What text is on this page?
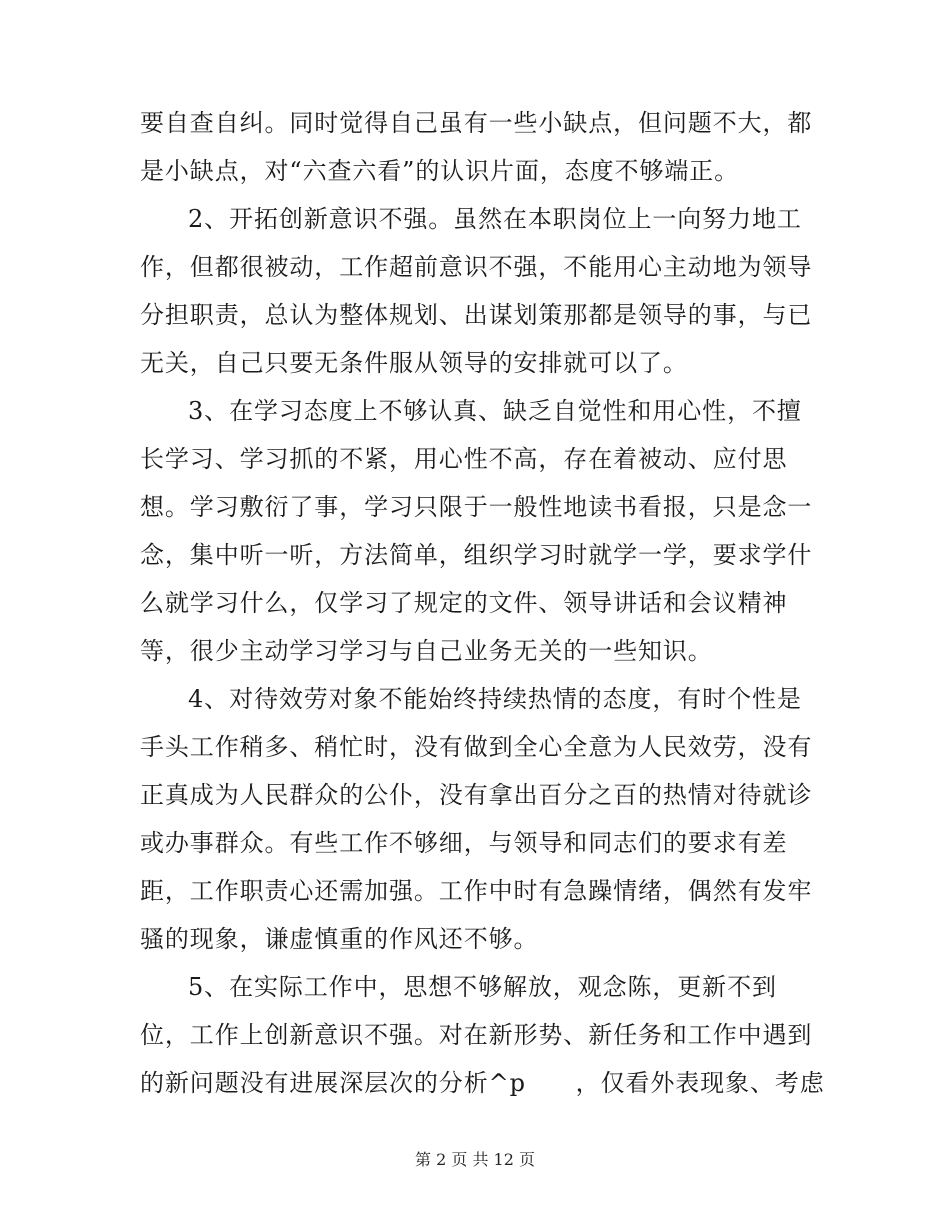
要自查自纠。同时觉得自己虽有一些小缺点，但问题不大，都
是小缺点，对“六查六看”的认识片面，态度不够端正。
2、开拓创新意识不强。虽然在本职岗位上一向努力地工
作，但都很被动，工作超前意识不强，不能用心主动地为领导
分担职责，总认为整体规划、出谋划策那都是领导的事，与已
无关，自己只要无条件服从领导的安排就可以了。
3、在学习态度上不够认真、缺乏自觉性和用心性，不擅
长学习、学习抓的不紧，用心性不高，存在着被动、应付思
想。学习敷衍了事，学习只限于一般性地读书看报，只是念一
念，集中听一听，方法简单，组织学习时就学一学，要求学什
么就学习什么，仅学习了规定的文件、领导讲话和会议精神
等，很少主动学习学习与自己业务无关的一些知识。
4、对待效劳对象不能始终持续热情的态度，有时个性是
手头工作稍多、稍忙时，没有做到全心全意为人民效劳，没有
正真成为人民群众的公仆，没有拿出百分之百的热情对待就诊
或办事群众。有些工作不够细，与领导和同志们的要求有差
距，工作职责心还需加强。工作中时有急躁情绪，偶然有发牢
骚的现象，谦虚慎重的作风还不够。
5、在实际工作中，思想不够解放，观念陈，更新不到
位，工作上创新意识不强。对在新形势、新任务和工作中遇到
的新问题没有进展深层次的分析^p　　，仅看外表现象、考虑
第 2 页 共 12 页
